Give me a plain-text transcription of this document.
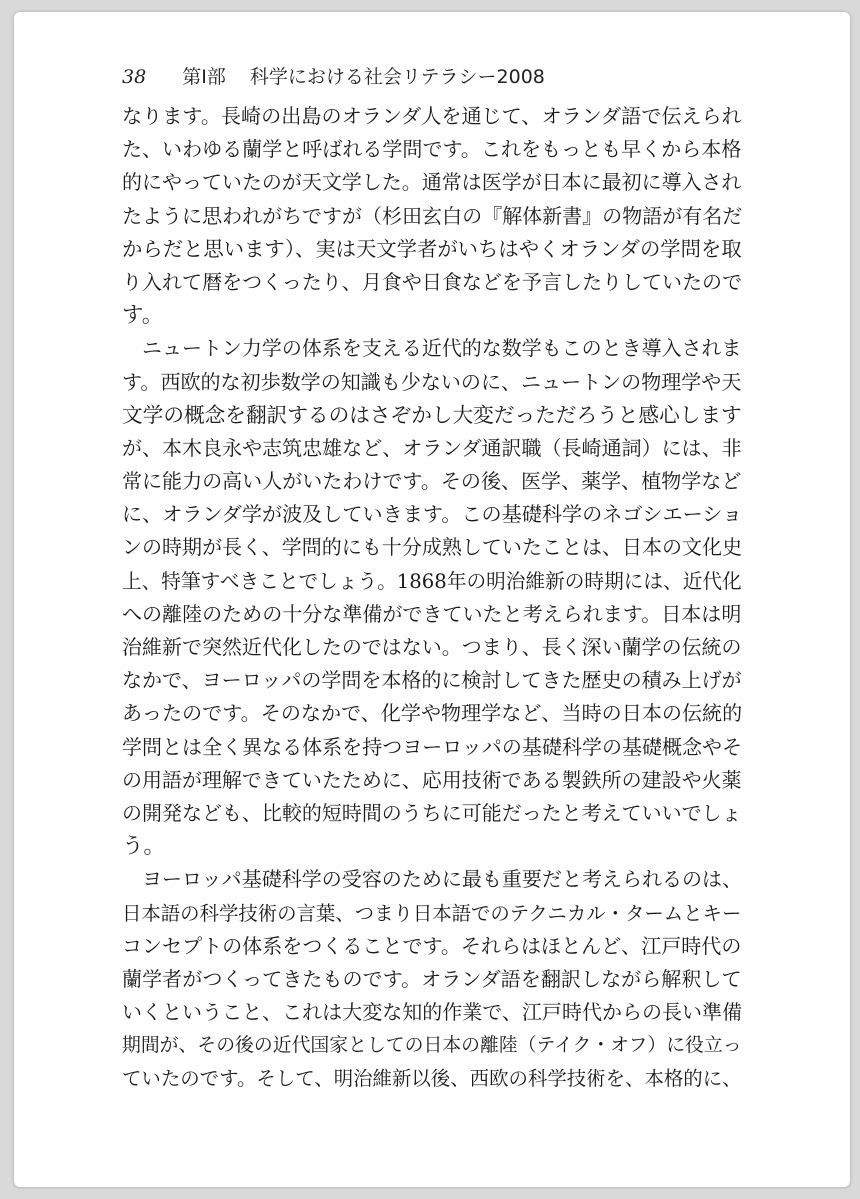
38 第Ⅰ部 科学における社会リテラシー2008
なります。長崎の出島のオランダ人を通じて、オランダ語で伝えられ
た、いわゆる蘭学と呼ばれる学問です。これをもっとも早くから本格
的にやっていたのが天文学した。通常は医学が日本に最初に導入され
たように思われがちですが（杉田玄白の『解体新書』の物語が有名だ
からだと思います）、実は天文学者がいちはやくオランダの学問を取
り入れて暦をつくったり、月食や日食などを予言したりしていたので
す。
　ニュートン力学の体系を支える近代的な数学もこのとき導入されま
す。西欧的な初歩数学の知識も少ないのに、ニュートンの物理学や天
文学の概念を翻訳するのはさぞかし大変だっただろうと感心します
が、本木良永や志筑忠雄など、オランダ通訳職（長崎通詞）には、非
常に能力の高い人がいたわけです。その後、医学、薬学、植物学など
に、オランダ学が波及していきます。この基礎科学のネゴシエーショ
ンの時期が長く、学問的にも十分成熟していたことは、日本の文化史
上、特筆すべきことでしょう。1868年の明治維新の時期には、近代化
への離陸のための十分な準備ができていたと考えられます。日本は明
治維新で突然近代化したのではない。つまり、長く深い蘭学の伝統の
なかで、ヨーロッパの学問を本格的に検討してきた歴史の積み上げが
あったのです。そのなかで、化学や物理学など、当時の日本の伝統的
学問とは全く異なる体系を持つヨーロッパの基礎科学の基礎概念やそ
の用語が理解できていたために、応用技術である製鉄所の建設や火薬
の開発なども、比較的短時間のうちに可能だったと考えていいでしょ
う。
　ヨーロッパ基礎科学の受容のために最も重要だと考えられるのは、
日本語の科学技術の言葉、つまり日本語でのテクニカル・タームとキー
コンセプトの体系をつくることです。それらはほとんど、江戸時代の
蘭学者がつくってきたものです。オランダ語を翻訳しながら解釈して
いくということ、これは大変な知的作業で、江戸時代からの長い準備
期間が、その後の近代国家としての日本の離陸（テイク・オフ）に役立っ
ていたのです。そして、明治維新以後、西欧の科学技術を、本格的に、
